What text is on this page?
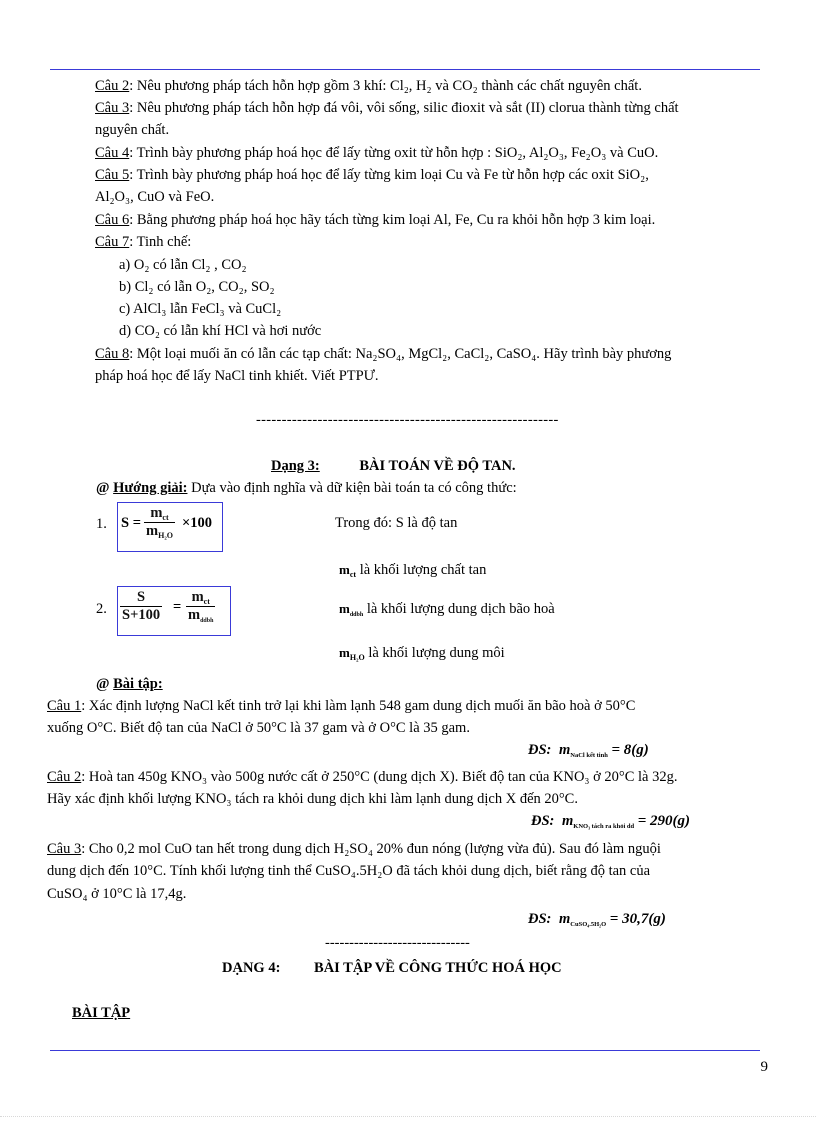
Câu 2: Nêu phương pháp tách hỗn hợp gồm 3 khí: Cl₂, H₂ và CO₂ thành các chất nguyên chất.
Câu 3: Nêu phương pháp tách hỗn hợp đá vôi, vôi sống, silic đioxit và sắt (II) clorua thành từng chất
nguyên chất.
Câu 4: Trình bày phương pháp hoá học để lấy từng oxit từ hỗn hợp : SiO₂, Al₂O₃, Fe₂O₃ và CuO.
Câu 5: Trình bày phương pháp hoá học để lấy từng kim loại Cu và Fe từ hỗn hợp các oxit SiO₂,
Al₂O₃, CuO và FeO.
Câu 6: Bằng phương pháp hoá học hãy tách từng kim loại Al, Fe, Cu ra khỏi hỗn hợp 3 kim loại.
Câu 7: Tinh chế:
a) O₂ có lẫn Cl₂ , CO₂
b) Cl₂ có lẫn O₂, CO₂, SO₂
c) AlCl₃ lẫn FeCl₃ và CuCl₂
d) CO₂ có lẫn khí HCl và hơi nước
Câu 8: Một loại muối ăn có lẫn các tạp chất: Na₂SO₄, MgCl₂, CaCl₂, CaSO₄. Hãy trình bày phương
pháp hoá học để lấy NaCl tinh khiết. Viết PTPƯ.
-----------------------------------------------------------
Dạng 3:	BÀI TOÁN VỀ ĐỘ TAN.
@ Hướng giải: Dựa vào định nghĩa và dữ kiện bài toán ta có công thức:
1. S =
$m_{ct}$
$m_{H_2O}$
×100	Trong đó: S là độ tan
$m_{ct}$ là khối lượng chất tan
2. $\frac{S}{S+100}$ =
$m_{ct}$
$m_{ddbh}$
$m_{ddbh}$ là khối lượng dung dịch bão hoà
$m_{H_2O}$ là khối lượng dung môi
@ Bài tập:
Câu 1: Xác định lượng NaCl kết tinh trở lại khi làm lạnh 548 gam dung dịch muối ăn bão hoà ở 50°C
xuống O°C. Biết độ tan của NaCl ở 50°C là 37 gam và ở O°C là 35 gam.
ĐS: $m_{NaCl kết tinh} = 8(g)$
Câu 2: Hoà tan 450g KNO₃ vào 500g nước cất ở 250°C (dung dịch X). Biết độ tan của KNO₃ ở 20°C là 32g.
Hãy xác định khối lượng KNO₃ tách ra khỏi dung dịch khi làm lạnh dung dịch X đến 20°C.
ĐS: $m_{KNO_3 tách ra khỏi dd} = 290(g)$
Câu 3: Cho 0,2 mol CuO tan hết trong dung dịch H₂SO₄ 20% đun nóng (lượng vừa đủ). Sau đó làm nguội
dung dịch đến 10°C. Tính khối lượng tinh thể CuSO₄.5H₂O đã tách khỏi dung dịch, biết rằng độ tan của
CuSO₄ ở 10°C là 17,4g.
ĐS: $m_{CuSO_4.5H_2O} = 30,7(g)$
------------------------------
DẠNG 4: BÀI TẬP VỀ CÔNG THỨC HOÁ HỌC
BÀI TẬP
9
